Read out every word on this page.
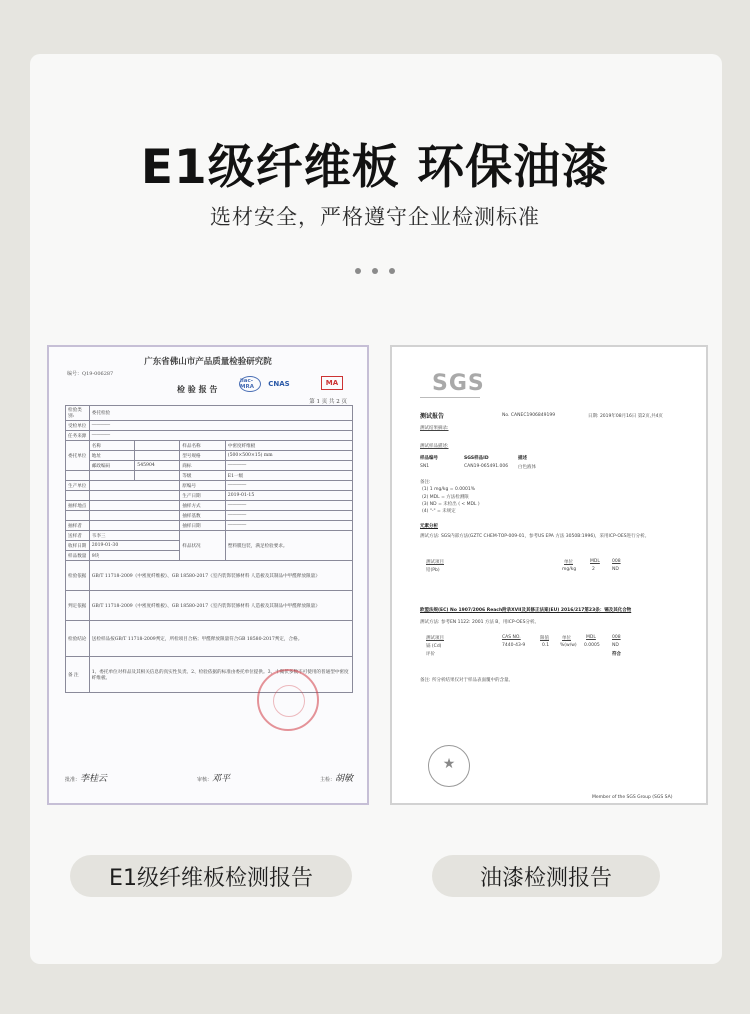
E1级纤维板 环保油漆
选材安全，严格遵守企业检测标准
广东省佛山市产品质量检验研究院
编号：Q19-006287
检 验 报 告
ilac-MRA	CNAS	MA
第 1 页 共 2 页
检验类别:	委托检验			
受检单位	――――			
任务来源	――――			
委托单位	名称		样品名称	中密度纤维板
	地址		型号规格	(500×500×15) mm
	邮政编码	545904	商标	――――
			等级	E1一级
生产单位			原编号	――――
			生产日期	2019-01-15
抽样地点			抽样方式	――――
			抽样基数	――――
抽样者			抽样日期	――――
送样者	韦李三		样品状况	塑料膜包装，满足检验要求。
收样日期	2019-01-30			
样品数量	9块			
检验依据	GB/T 11718-2009《中密度纤维板》、GB 18580-2017《室内装饰装修材料 人造板及其制品中甲醛释放限量》			
判定依据	GB/T 11718-2009《中密度纤维板》、GB 18580-2017《室内装饰装修材料 人造板及其制品中甲醛释放限量》			
检验结论	送检样品按GB/T 11718-2009判定，所检项目合格；甲醛释放限量符合GB 18580-2017判定，合格。			
备 注	1、委托单位对样品及其相关信息的真实性负责。2、检验依据的标准由委托单位提供。3、十微伏多数不可使用的普通型中密度纤维板。			
批准：李桂云	审核：邓平	主检：胡敏
SGS
测试报告	No. CANEC1906849199	日期: 2019年08月16日 第2页,共4页
测试结果摘录:
测试样品描述:
样品编号	SGS样品ID	描述
SN1	CAN19-065491.006 白色液体
备注:
(1) 1 mg/kg = 0.0001%
(2) MDL = 方法检测限
(3) ND = 未检出 ( < MDL )
(4) "-" = 未规定
元素分析
测试方法: SGS内部方法(GZTC CHEM-TOP-009-01，参考US EPA 方法 3050B:1996)，采用ICP-OES进行分析。
测试项目	单位	MDL	008
铅(Pb)	mg/kg	2	ND
欧盟法规(EC) No 1907/2006 Reach附录XVII及其修正法案(EU) 2016/217第23条：镉及其化合物
测试方法: 参考EN 1122: 2001 方法 B，用ICP-OES分析。
测试项目	CAS NO.	限值	单位	MDL	008
镉 (Cd)	7440-43-9	0.1 %(w/w) 0.0005	ND
评价	符合
备注: 所分析结果仅对于样品表面覆中的含量。
★
Member of the SGS Group (SGS SA)
E1级纤维板检测报告	油漆检测报告
